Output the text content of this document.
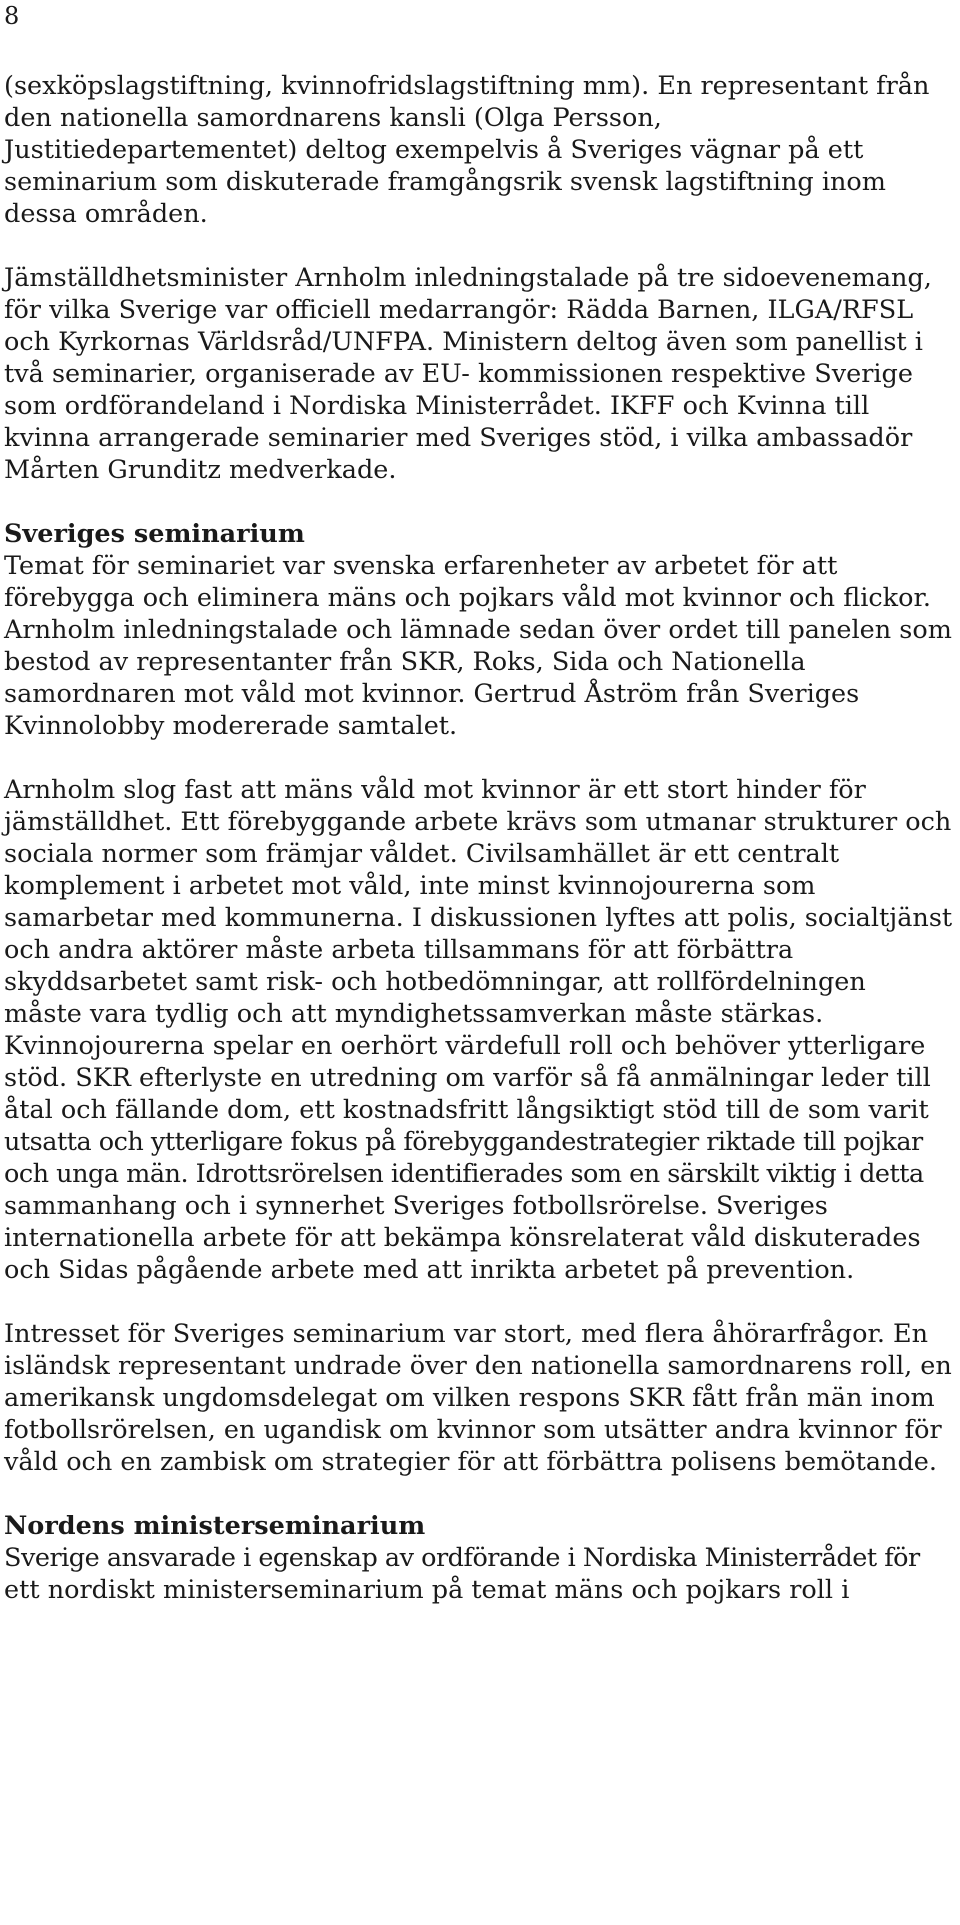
8
(sexköpslagstiftning, kvinnofridslagstiftning mm). En representant från
den nationella samordnarens kansli (Olga Persson,
Justitiedepartementet) deltog exempelvis å Sveriges vägnar på ett
seminarium som diskuterade framgångsrik svensk lagstiftning inom
dessa områden.
Jämställdhetsminister Arnholm inledningstalade på tre sidoevenemang,
för vilka Sverige var officiell medarrangör: Rädda Barnen, ILGA/RFSL
och Kyrkornas Världsråd/UNFPA. Ministern deltog även som panellist i
två seminarier, organiserade av EU- kommissionen respektive Sverige
som ordförandeland i Nordiska Ministerrådet. IKFF och Kvinna till
kvinna arrangerade seminarier med Sveriges stöd, i vilka ambassadör
Mårten Grunditz medverkade.
Sveriges seminarium
Temat för seminariet var svenska erfarenheter av arbetet för att
förebygga och eliminera mäns och pojkars våld mot kvinnor och flickor.
Arnholm inledningstalade och lämnade sedan över ordet till panelen som
bestod av representanter från SKR, Roks, Sida och Nationella
samordnaren mot våld mot kvinnor. Gertrud Åström från Sveriges
Kvinnolobby modererade samtalet.
Arnholm slog fast att mäns våld mot kvinnor är ett stort hinder för
jämställdhet. Ett förebyggande arbete krävs som utmanar strukturer och
sociala normer som främjar våldet. Civilsamhället är ett centralt
komplement i arbetet mot våld, inte minst kvinnojourerna som
samarbetar med kommunerna. I diskussionen lyftes att polis, socialtjänst
och andra aktörer måste arbeta tillsammans för att förbättra
skyddsarbetet samt risk- och hotbedömningar, att rollfördelningen
måste vara tydlig och att myndighetssamverkan måste stärkas.
Kvinnojourerna spelar en oerhört värdefull roll och behöver ytterligare
stöd. SKR efterlyste en utredning om varför så få anmälningar leder till
åtal och fällande dom, ett kostnadsfritt långsiktigt stöd till de som varit
utsatta och ytterligare fokus på förebyggandestrategier riktade till pojkar
och unga män. Idrottsrörelsen identifierades som en särskilt viktig i detta
sammanhang och i synnerhet Sveriges fotbollsrörelse. Sveriges
internationella arbete för att bekämpa könsrelaterat våld diskuterades
och Sidas pågående arbete med att inrikta arbetet på prevention.
Intresset för Sveriges seminarium var stort, med flera åhörarfrågor. En
isländsk representant undrade över den nationella samordnarens roll, en
amerikansk ungdomsdelegat om vilken respons SKR fått från män inom
fotbollsrörelsen, en ugandisk om kvinnor som utsätter andra kvinnor för
våld och en zambisk om strategier för att förbättra polisens bemötande.
Nordens ministerseminarium
Sverige ansvarade i egenskap av ordförande i Nordiska Ministerrådet för
ett nordiskt ministerseminarium på temat mäns och pojkars roll i
